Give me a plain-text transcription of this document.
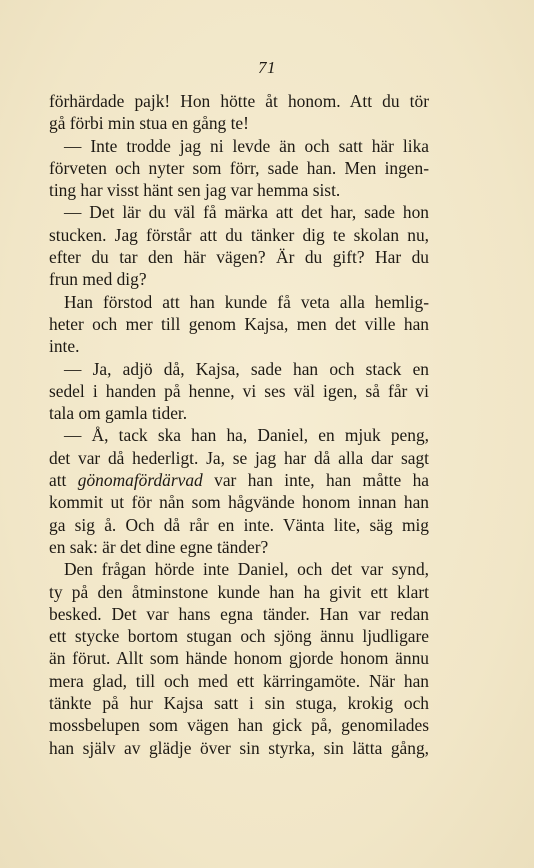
71
förhärdade pajk! Hon hötte åt honom. Att du tör
gå förbi min stua en gång te!
— Inte trodde jag ni levde än och satt här lika
förveten och nyter som förr, sade han. Men ingen-
ting har visst hänt sen jag var hemma sist.
— Det lär du väl få märka att det har, sade hon
stucken. Jag förstår att du tänker dig te skolan nu,
efter du tar den här vägen? Är du gift? Har du
frun med dig?
Han förstod att han kunde få veta alla hemlig-
heter och mer till genom Kajsa, men det ville han
inte.
— Ja, adjö då, Kajsa, sade han och stack en
sedel i handen på henne, vi ses väl igen, så får vi
tala om gamla tider.
— Å, tack ska han ha, Daniel, en mjuk peng,
det var då hederligt. Ja, se jag har då alla dar sagt
att gönomafördärvad var han inte, han måtte ha
kommit ut för nån som hågvände honom innan han
ga sig å. Och då rår en inte. Vänta lite, säg mig
en sak: är det dine egne tänder?
Den frågan hörde inte Daniel, och det var synd,
ty på den åtminstone kunde han ha givit ett klart
besked. Det var hans egna tänder. Han var redan
ett stycke bortom stugan och sjöng ännu ljudligare
än förut. Allt som hände honom gjorde honom ännu
mera glad, till och med ett kärringamöte. När han
tänkte på hur Kajsa satt i sin stuga, krokig och
mossbelupen som vägen han gick på, genomilades
han själv av glädje över sin styrka, sin lätta gång,
